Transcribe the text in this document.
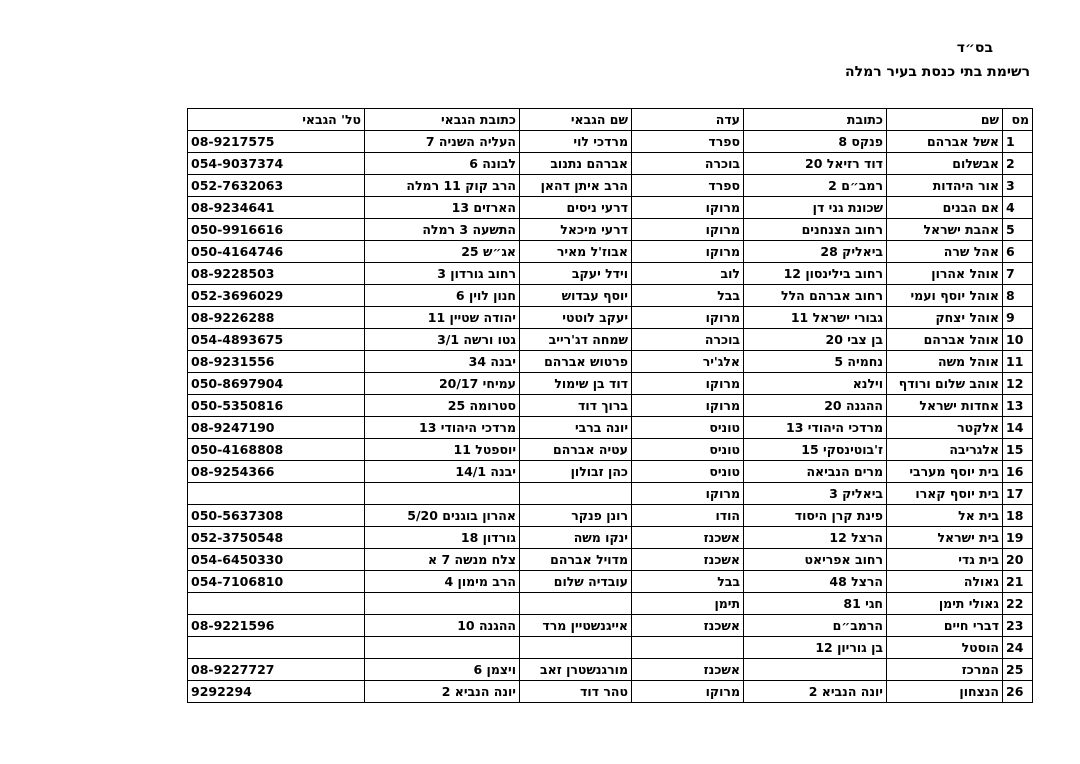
בס״ד
רשימת בתי כנסת בעיר רמלה
מס	שם	כתובת	עדה	שם הגבאי	כתובת הגבאי	טל' הגבאי
1	אשל אברהם	פנקס 8	ספרד	מרדכי לוי	העליה השניה 7	08-9217575
2	אבשלום	דוד רזיאל 20	בוכרה	אברהם נתנוב	לבונה 6	054-9037374
3	אור היהדות	רמב״ם 2	ספרד	הרב איתן דהאן	הרב קוק 11 רמלה	052-7632063
4	אם הבנים	שכונת גני דן	מרוקו	דרעי ניסים	הארזים 13	08-9234641
5	אהבת ישראל	רחוב הצנחנים	מרוקו	דרעי מיכאל	התשעה 3 רמלה	050-9916616
6	אהל שרה	ביאליק 28	מרוקו	אבוז'ל מאיר	אג״ש 25	050-4164746
7	אוהל אהרון	רחוב בילינסון 12	לוב	וידל יעקב	רחוב גורדון 3	08-9228503
8	אוהל יוסף ועמי	רחוב אברהם הלל	בבל	יוסף עבדוש	חנון לוין 6	052-3696029
9	אוהל יצחק	גבורי ישראל 11	מרוקו	יעקב לוטטי	יהודה שטיין 11	08-9226288
10	אוהל אברהם	בן צבי 20	בוכרה	שמחה דג'רייב	גטו ורשה 3/1	054-4893675
11	אוהל משה	נחמיה 5	אלג'יר	פרטוש אברהם	יבנה 34	08-9231556
12	אוהב שלום ורודף	וילנא	מרוקו	דוד בן שימול	עמיחי 20/17	050-8697904
13	אחדות ישראל	ההגנה 20	מרוקו	ברוך דוד	סטרומה 25	050-5350816
14	אלקטר	מרדכי היהודי 13	טוניס	יונה ברבי	מרדכי היהודי 13	08-9247190
15	אלגריבה	ז'בוטינסקי 15	טוניס	עטיה אברהם	יוספטל 11	050-4168808
16	בית יוסף מערבי	מרים הנביאה	טוניס	כהן זבולון	יבנה 14/1	08-9254366
17	בית יוסף קארו	ביאליק 3	מרוקו			
18	בית אל	פינת קרן היסוד	הודו	רונן פנקר	אהרון בוגנים 5/20	050-5637308
19	בית ישראל	הרצל 12	אשכנז	ינקו משה	גורדון 18	052-3750548
20	בית גדי	רחוב אפריאט	אשכנז	מדויל אברהם	צלח מנשה 7 א	054-6450330
21	גאולה	הרצל 48	בבל	עובדיה שלום	הרב מימון 4	054-7106810
22	גאולי תימן	חגי 81	תימן			
23	דברי חיים	הרמב״ם	אשכנז	אייגנשטיין מרד	ההגנה 10	08-9221596
24	הוסטל	בן גוריון 12				
25	המרכז		אשכנז	מורגנשטרן זאב	ויצמן 6	08-9227727
26	הנצחון	יונה הנביא 2	מרוקו	טהר דוד	יונה הנביא 2	9292294
